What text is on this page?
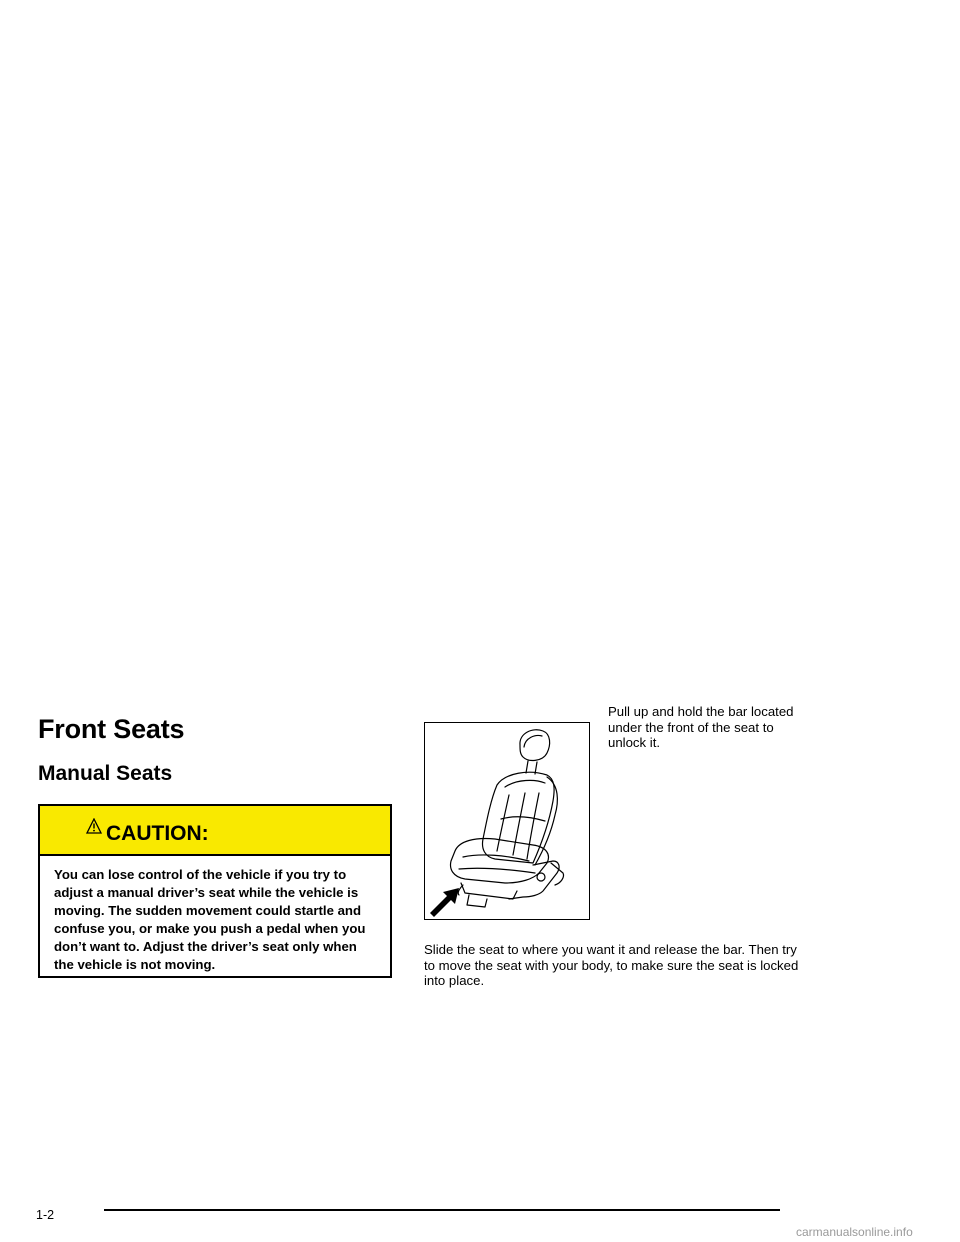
Front Seats
Manual Seats
CAUTION:
You can lose control of the vehicle if you try to adjust a manual driver’s seat while the vehicle is moving. The sudden movement could startle and confuse you, or make you push a pedal when you don’t want to. Adjust the driver’s seat only when the vehicle is not moving.
Pull up and hold the bar located under the front of the seat to unlock it.
Slide the seat to where you want it and release the bar. Then try to move the seat with your body, to make sure the seat is locked into place.
1-2
carmanualsonline.info
